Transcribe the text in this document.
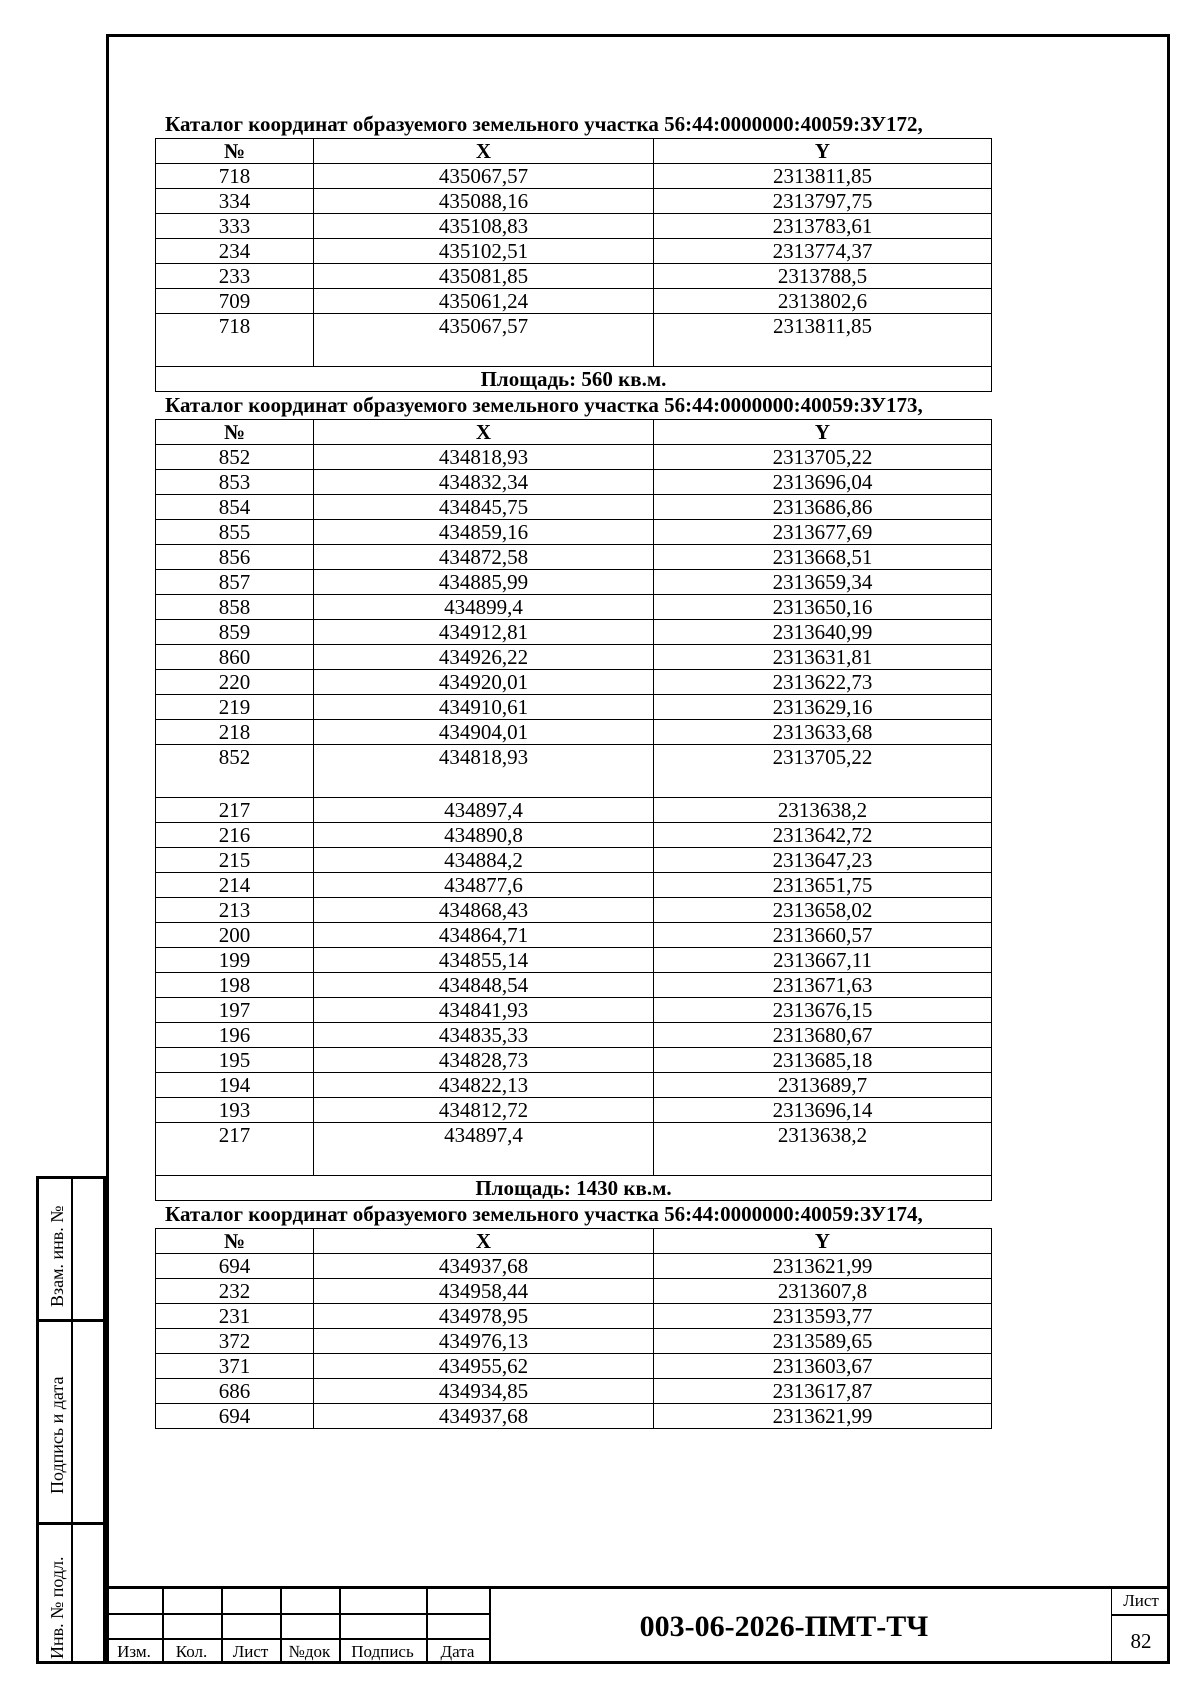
Каталог координат образуемого земельного участка 56:44:0000000:40059:ЗУ172,
№	X	Y
718	435067,57	2313811,85
334	435088,16	2313797,75
333	435108,83	2313783,61
234	435102,51	2313774,37
233	435081,85	2313788,5
709	435061,24	2313802,6
718	435067,57	2313811,85
Площадь: 560 кв.м.		
Каталог координат образуемого земельного участка 56:44:0000000:40059:ЗУ173,
№	X	Y
852	434818,93	2313705,22
853	434832,34	2313696,04
854	434845,75	2313686,86
855	434859,16	2313677,69
856	434872,58	2313668,51
857	434885,99	2313659,34
858	434899,4	2313650,16
859	434912,81	2313640,99
860	434926,22	2313631,81
220	434920,01	2313622,73
219	434910,61	2313629,16
218	434904,01	2313633,68
852	434818,93	2313705,22
217	434897,4	2313638,2
216	434890,8	2313642,72
215	434884,2	2313647,23
214	434877,6	2313651,75
213	434868,43	2313658,02
200	434864,71	2313660,57
199	434855,14	2313667,11
198	434848,54	2313671,63
197	434841,93	2313676,15
196	434835,33	2313680,67
195	434828,73	2313685,18
194	434822,13	2313689,7
193	434812,72	2313696,14
217	434897,4	2313638,2
Площадь: 1430 кв.м.		
Каталог координат образуемого земельного участка 56:44:0000000:40059:ЗУ174,
№	X	Y
694	434937,68	2313621,99
232	434958,44	2313607,8
231	434978,95	2313593,77
372	434976,13	2313589,65
371	434955,62	2313603,67
686	434934,85	2313617,87
694	434937,68	2313621,99
Взам. инв. №
Подпись и дата
Инв. № подл.	Изм.	Кол.	Лист	№док	Подпись	Дата
003-06-2026-ПМТ-ТЧ
Лист
82
